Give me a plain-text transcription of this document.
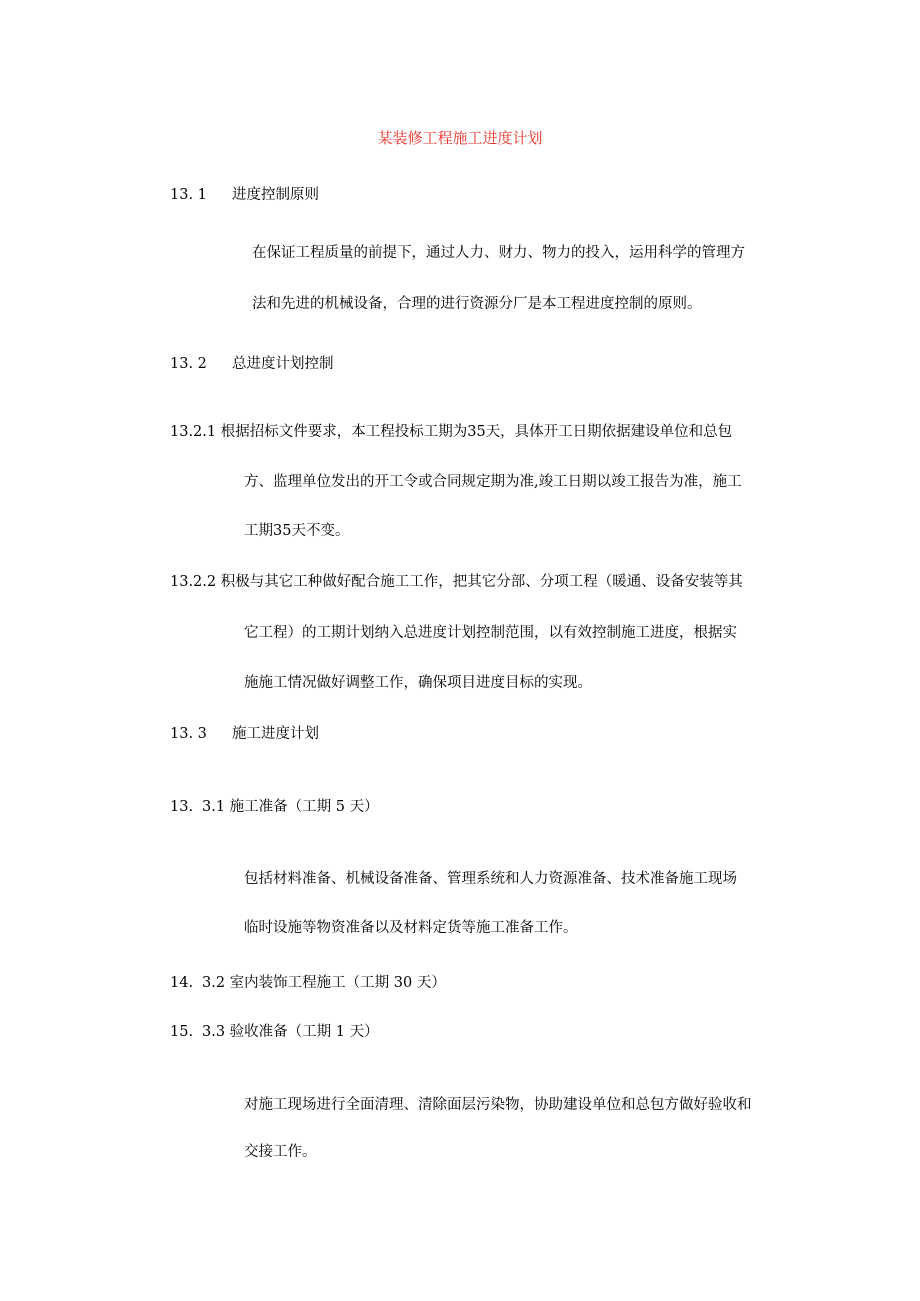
某装修工程施工进度计划
13. 1 进度控制原则
在保证工程质量的前提下，通过人力、财力、物力的投入，运用科学的管理方
法和先进的机械设备，合理的进行资源分厂是本工程进度控制的原则。
13. 2 总进度计划控制
13.2.1 根据招标文件要求，本工程投标工期为35天，具体开工日期依据建设单位和总包
方、监理单位发出的开工令或合同规定期为准,竣工日期以竣工报告为准，施工
工期35天不变。
13.2.2 积极与其它工种做好配合施工工作，把其它分部、分项工程（暖通、设备安装等其
它工程）的工期计划纳入总进度计划控制范围，以有效控制施工进度，根据实
施施工情况做好调整工作，确保项目进度目标的实现。
13. 3 施工进度计划
13. 3.1 施工准备（工期 5 天）
包括材料准备、机械设备准备、管理系统和人力资源准备、技术准备施工现场
临时设施等物资准备以及材料定货等施工准备工作。
14. 3.2 室内装饰工程施工（工期 30 天）
15. 3.3 验收准备（工期 1 天）
对施工现场进行全面清理、清除面层污染物，协助建设单位和总包方做好验收和
交接工作。
